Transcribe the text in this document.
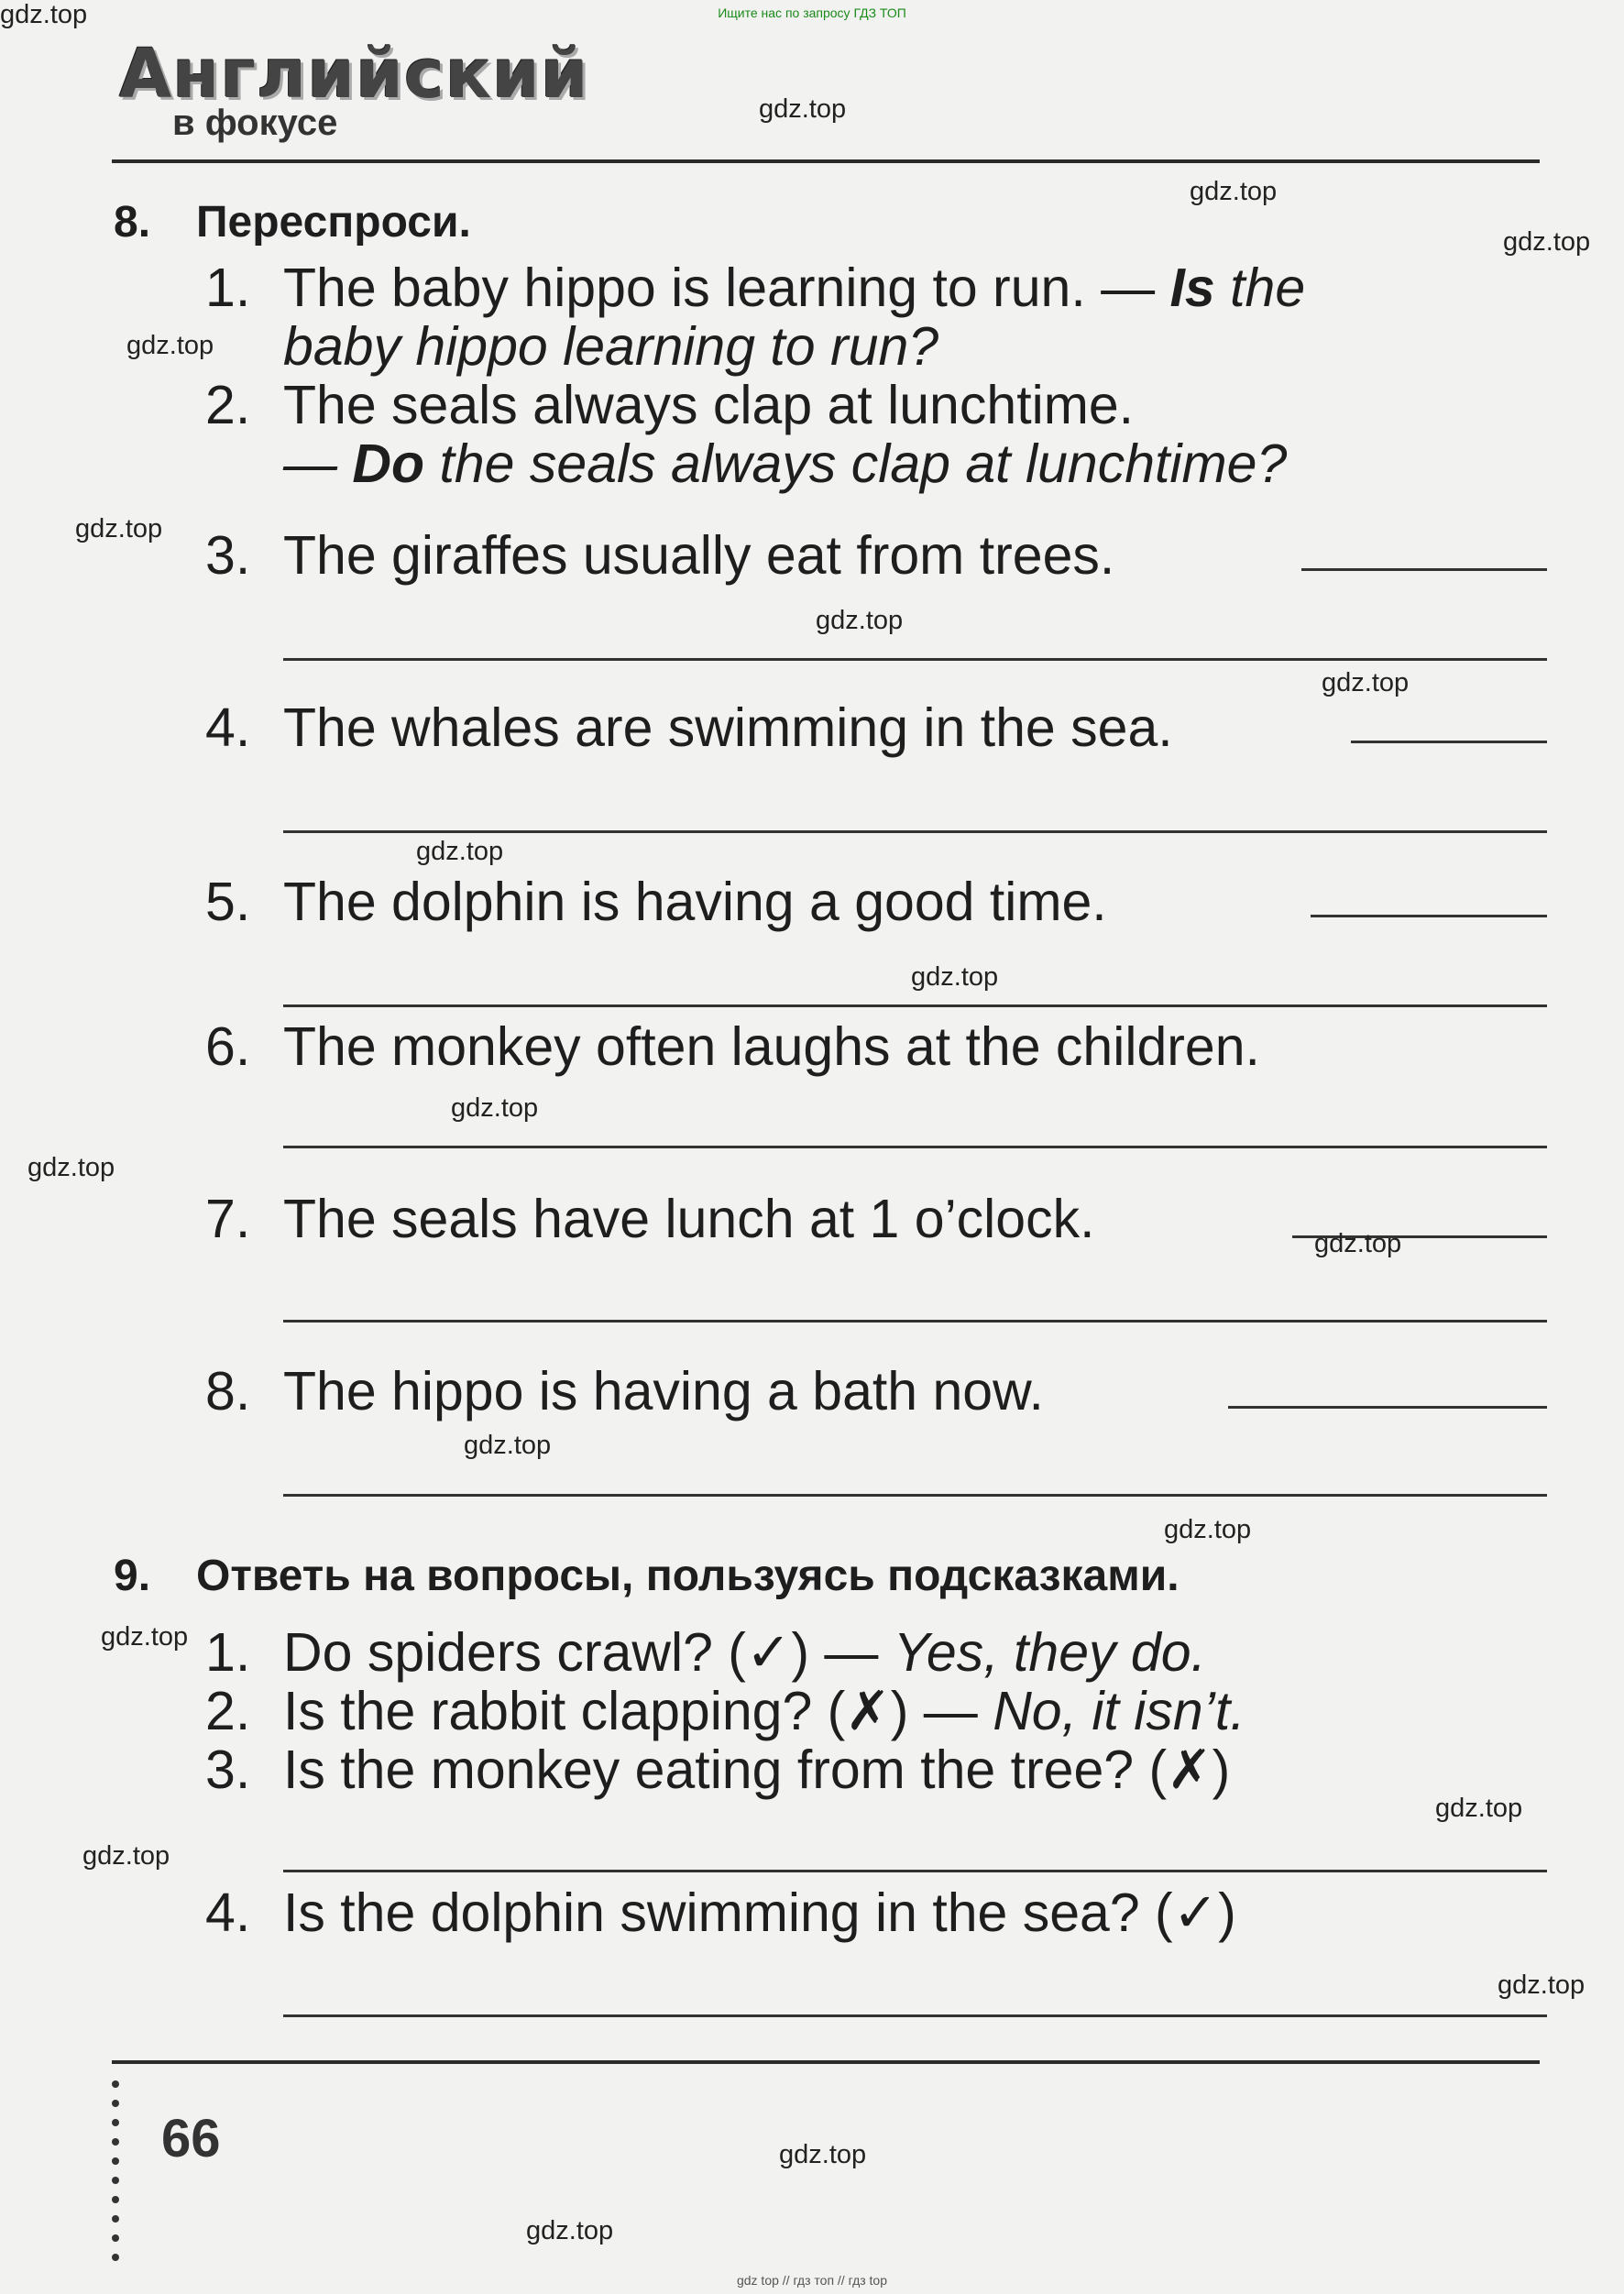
Ищите нас по запросу ГДЗ ТОП
Английский
в фокусе
8. Переспроси.
1. The baby hippo is learning to run. — Is the
baby hippo learning to run?
2. The seals always clap at lunchtime.
— Do the seals always clap at lunchtime?
3. The giraffes usually eat from trees.
4. The whales are swimming in the sea.
5. The dolphin is having a good time.
6. The monkey often laughs at the children.
7. The seals have lunch at 1 o’clock.
8. The hippo is having a bath now.
9. Ответь на вопросы, пользуясь подсказками.
1. Do spiders crawl? (✓) — Yes, they do.
2. Is the rabbit clapping? (✗) — No, it isn’t.
3. Is the monkey eating from the tree? (✗)
4. Is the dolphin swimming in the sea? (✓)
66
gdz.top
gdz.top
gdz.top
gdz.top
gdz.top
gdz.top
gdz.top
gdz.top
gdz.top
gdz.top
gdz.top
gdz.top
gdz.top
gdz.top
gdz.top
gdz.top
gdz.top
gdz.top
gdz.top
gdz.top
gdz.top
gdz top // гдз топ // гдз top
